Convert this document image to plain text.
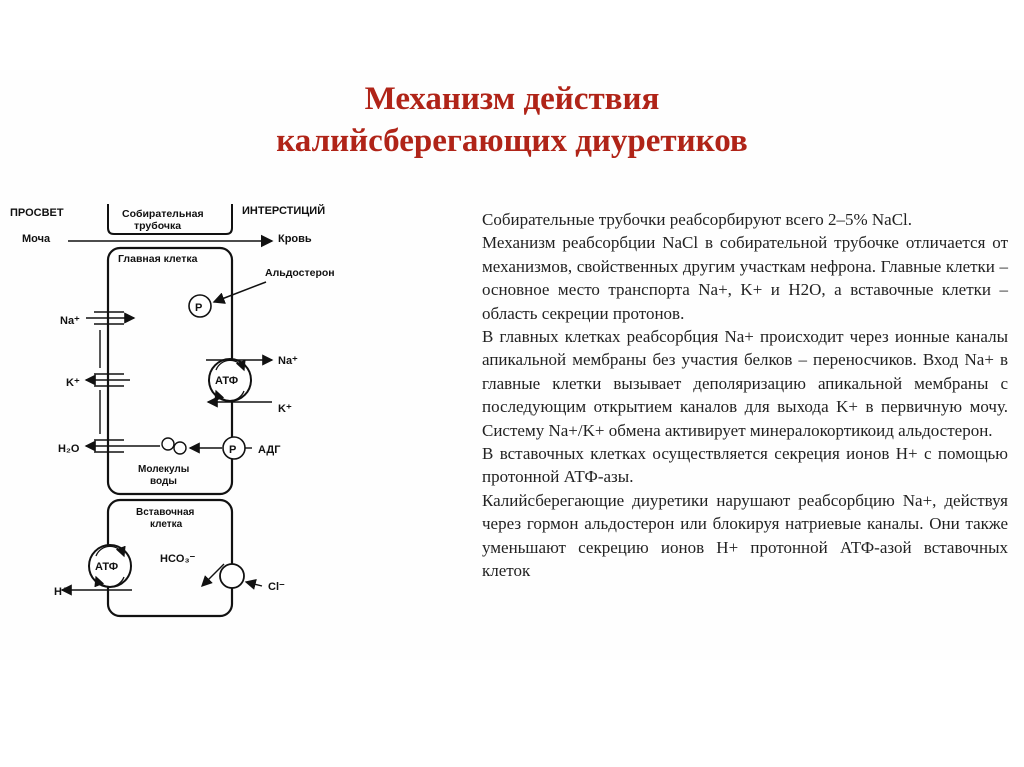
Механизм действия
калийсберегающих диуретиков
ПРОСВЕТ
Моча
Собирательная
трубочка
ИНТЕРСТИЦИЙ
Кровь
Главная клетка
Альдостерон
P
Na⁺
K⁺	АТФ
Na⁺
K⁺
H₂O	P АДГ
Молекулы
воды
Вставочная
клетка
АТФ
H⁺
HCO₃⁻
Cl⁻

Собирательные трубочки реабсорбируют всего 2–5% NaCl.

Механизм реабсорбции NaCl в собирательной трубочке отличается от механизмов, свойственных другим участкам нефрона. Главные клетки – основное место транспорта Na+, K+ и H2O, а вставочные клетки – область секреции протонов.

В главных клетках реабсорбция Na+ происходит через ионные каналы апикальной мембраны без участия белков – переносчиков. Вход Na+ в главные клетки вызывает деполяризацию апикальной мембраны с последующим открытием каналов для выхода K+ в первичную мочу. Систему Na+/K+ обмена активирует минералокортикоид альдостерон.

В вставочных клетках осуществляется секреция ионов H+ с помощью протонной АТФ-азы.

Калийсберегающие диуретики нарушают реабсорбцию Na+, действуя через гормон альдостерон или блокируя натриевые каналы. Они также уменьшают секрецию ионов H+ протонной АТФ-азой вставочных клеток
